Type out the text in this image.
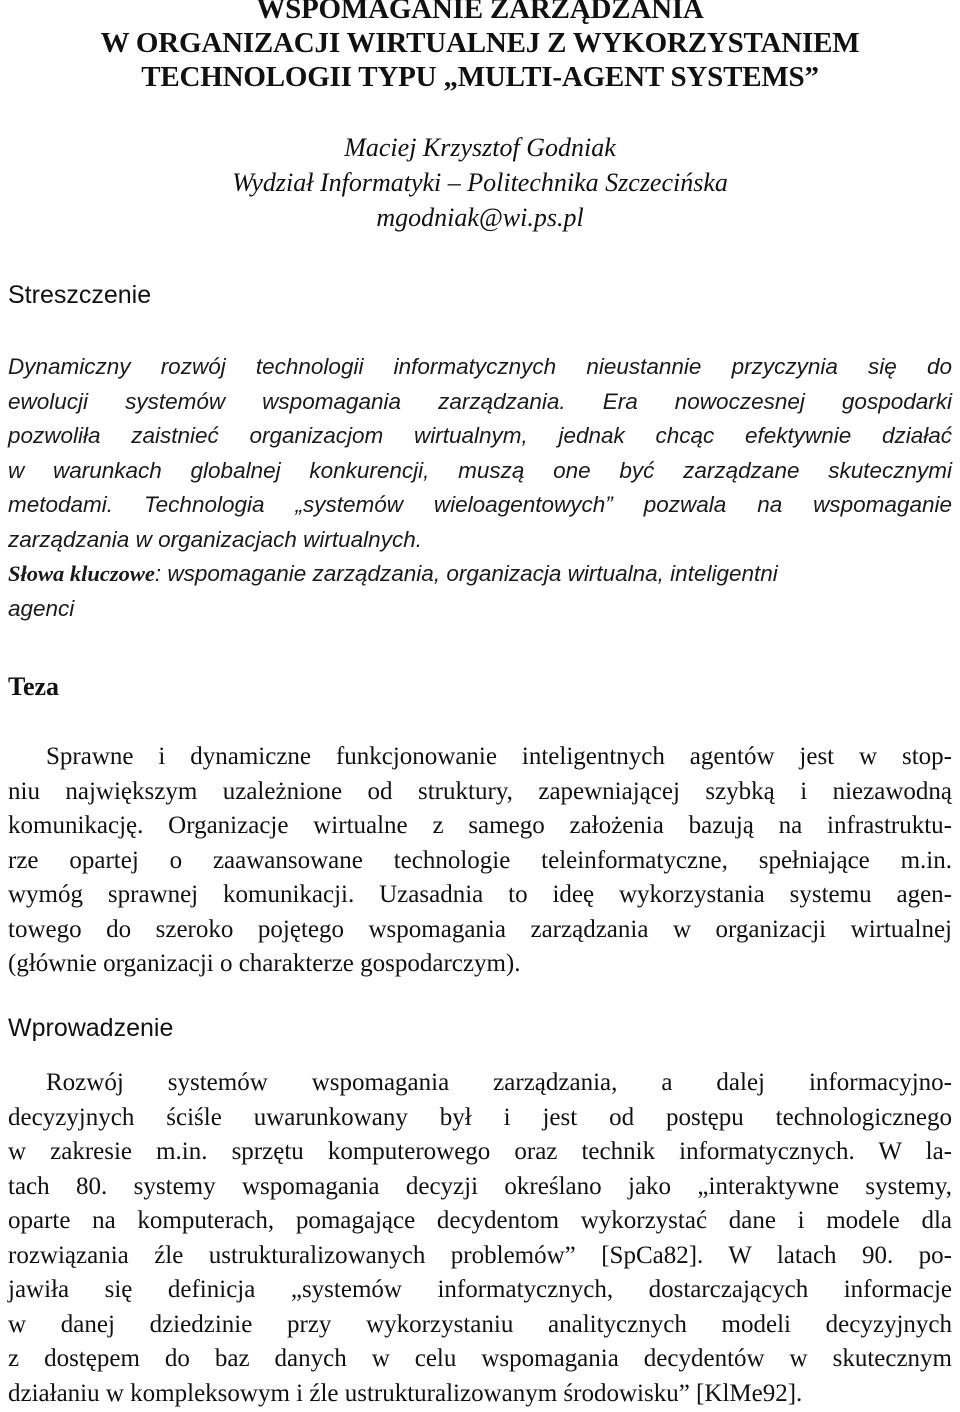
WSPOMAGANIE ZARZĄDZANIA
W ORGANIZACJI WIRTUALNEJ Z WYKORZYSTANIEM
TECHNOLOGII TYPU „MULTI-AGENT SYSTEMS”
Maciej Krzysztof Godniak
Wydział Informatyki – Politechnika Szczecińska
mgodniak@wi.ps.pl
Streszczenie
Dynamiczny rozwój technologii informatycznych nieustannie przyczynia się do
ewolucji systemów wspomagania zarządzania. Era nowoczesnej gospodarki
pozwoliła zaistnieć organizacjom wirtualnym, jednak chcąc efektywnie działać
w warunkach globalnej konkurencji, muszą one być zarządzane skutecznymi
metodami. Technologia „systemów wieloagentowych” pozwala na wspomaganie
zarządzania w organizacjach wirtualnych.
Słowa kluczowe: wspomaganie zarządzania, organizacja wirtualna, inteligentni
agenci
Teza
Sprawne i dynamiczne funkcjonowanie inteligentnych agentów jest w stop-
niu największym uzależnione od struktury, zapewniającej szybką i niezawodną
komunikację. Organizacje wirtualne z samego założenia bazują na infrastruktu-
rze opartej o zaawansowane technologie teleinformatyczne, spełniające m.in.
wymóg sprawnej komunikacji. Uzasadnia to ideę wykorzystania systemu agen-
towego do szeroko pojętego wspomagania zarządzania w organizacji wirtualnej
(głównie organizacji o charakterze gospodarczym).
Wprowadzenie
Rozwój systemów wspomagania zarządzania, a dalej informacyjno-
decyzyjnych ściśle uwarunkowany był i jest od postępu technologicznego
w zakresie m.in. sprzętu komputerowego oraz technik informatycznych. W la-
tach 80. systemy wspomagania decyzji określano jako „interaktywne systemy,
oparte na komputerach, pomagające decydentom wykorzystać dane i modele dla
rozwiązania źle ustrukturalizowanych problemów” [SpCa82]. W latach 90. po-
jawiła się definicja „systemów informatycznych, dostarczających informacje
w danej dziedzinie przy wykorzystaniu analitycznych modeli decyzyjnych
z dostępem do baz danych w celu wspomagania decydentów w skutecznym
działaniu w kompleksowym i źle ustrukturalizowanym środowisku” [KlMe92].
